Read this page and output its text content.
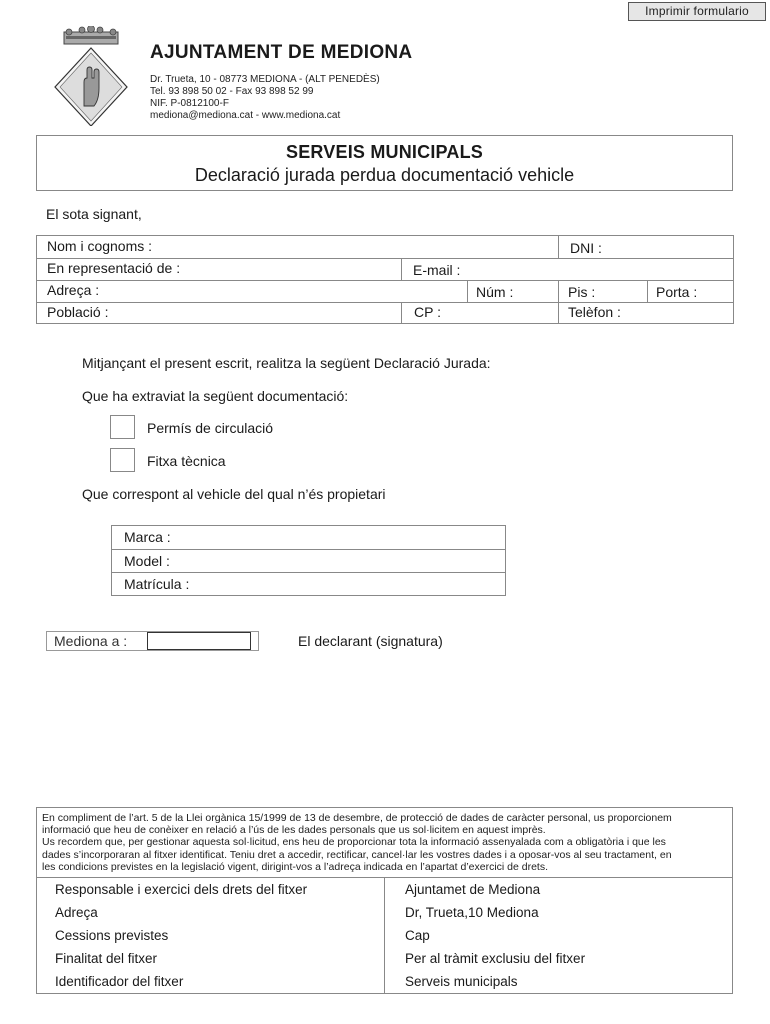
Imprimir formulario
AJUNTAMENT DE MEDIONA
Dr. Trueta, 10 - 08773 MEDIONA - (ALT PENEDÈS)
Tel. 93 898 50 02 - Fax 93 898 52 99
NIF. P-0812100-F
mediona@mediona.cat - www.mediona.cat
SERVEIS MUNICIPALS
Declaració jurada perdua documentació vehicle
El sota signant,
Nom i cognoms :	DNI :
En representació de :	E-mail :
Adreça :	Núm :	Pis :	Porta :
Població :	CP :	Telèfon :
Mitjançant el present escrit, realitza la següent Declaració Jurada:
Que ha extraviat la següent documentació:
Permís de circulació
Fitxa tècnica
Que correspont al vehicle del qual n’és propietari
Marca :
Model :
Matrícula :
Mediona a :	El declarant (signatura)
En compliment de l’art. 5 de la Llei orgànica 15/1999 de 13 de desembre, de protecció de dades de caràcter personal, us proporcionem
informació que heu de conèixer en relació a l’ús de les dades personals que us sol·licitem en aquest imprès.
Us recordem que, per gestionar aquesta sol·licitud, ens heu de proporcionar tota la informació assenyalada com a obligatòria i que les
dades s’incorporaran al fitxer identificat. Teniu dret a accedir, rectificar, cancel·lar les vostres dades i a oposar-vos al seu tractament, en
les condicions previstes en la legislació vigent, dirigint-vos a l’adreça indicada en l’apartat d’exercici de drets.
Responsable i exercici dels drets del fitxer	Ajuntamet de Mediona
Adreça	Dr, Trueta,10 Mediona
Cessions previstes	Cap
Finalitat del fitxer	Per al tràmit exclusiu del fitxer
Identificador del fitxer	Serveis municipals
